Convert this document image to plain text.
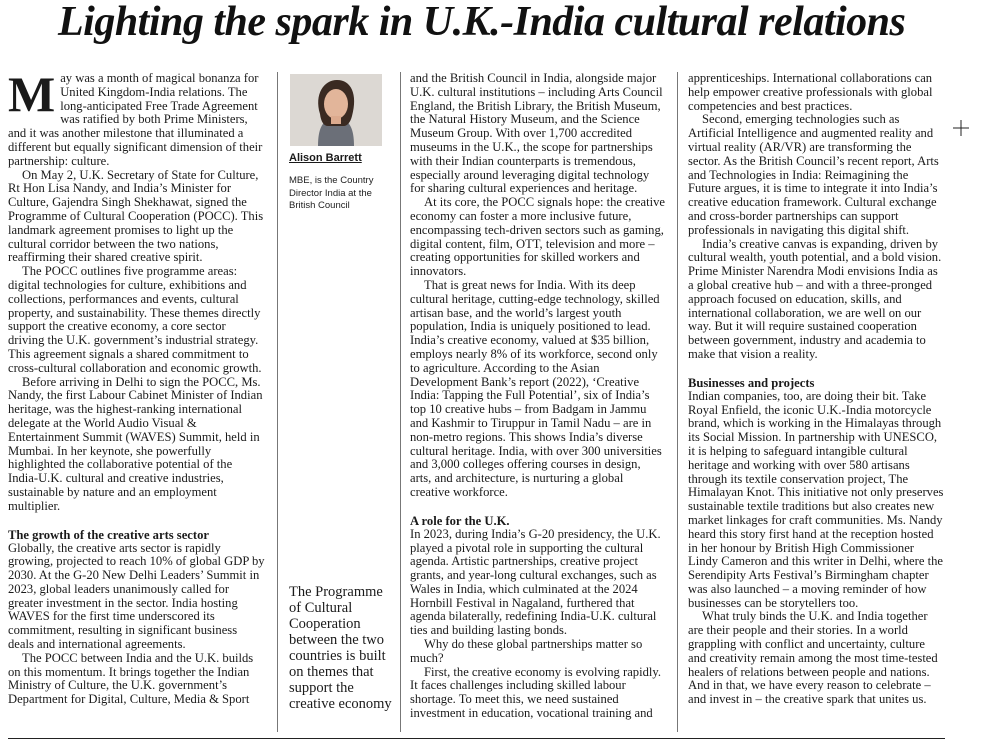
Lighting the spark in U.K.-India cultural relations

May was a month of magical bonanza for United Kingdom-India relations. The long-anticipated Free Trade Agreement was ratified by both Prime Ministers, and it was another milestone that illuminated a different but equally significant dimension of their partnership: culture.

On May 2, U.K. Secretary of State for Culture, Rt Hon Lisa Nandy, and India’s Minister for Culture, Gajendra Singh Shekhawat, signed the Programme of Cultural Cooperation (POCC). This landmark agreement promises to light up the cultural corridor between the two nations, reaffirming their shared creative spirit.

The POCC outlines five programme areas: digital technologies for culture, exhibitions and collections, performances and events, cultural property, and sustainability. These themes directly support the creative economy, a core sector driving the U.K. government’s industrial strategy. This agreement signals a shared commitment to cross-cultural collaboration and economic growth.

Before arriving in Delhi to sign the POCC, Ms. Nandy, the first Labour Cabinet Minister of Indian heritage, was the highest-ranking international delegate at the World Audio Visual & Entertainment Summit (WAVES) Summit, held in Mumbai. In her keynote, she powerfully highlighted the collaborative potential of the India-U.K. cultural and creative industries, sustainable by nature and an employment multiplier.

The growth of the creative arts sector

Globally, the creative arts sector is rapidly growing, projected to reach 10% of global GDP by 2030. At the G-20 New Delhi Leaders’ Summit in 2023, global leaders unanimously called for greater investment in the sector. India hosting WAVES for the first time underscored its commitment, resulting in significant business deals and international agreements.

The POCC between India and the U.K. builds on this momentum. It brings together the Indian Ministry of Culture, the U.K. government’s Department for Digital, Culture, Media & Sport

Alison Barrett
MBE, is the Country Director India at the British Council
The Programme of Cultural Cooperation between the two countries is built on themes that support the creative economy

and the British Council in India, alongside major U.K. cultural institutions – including Arts Council England, the British Library, the British Museum, the Natural History Museum, and the Science Museum Group. With over 1,700 accredited museums in the U.K., the scope for partnerships with their Indian counterparts is tremendous, especially around leveraging digital technology for sharing cultural experiences and heritage.

At its core, the POCC signals hope: the creative economy can foster a more inclusive future, encompassing tech-driven sectors such as gaming, digital content, film, OTT, television and more – creating opportunities for skilled workers and innovators.

That is great news for India. With its deep cultural heritage, cutting-edge technology, skilled artisan base, and the world’s largest youth population, India is uniquely positioned to lead. India’s creative economy, valued at $35 billion, employs nearly 8% of its workforce, second only to agriculture. According to the Asian Development Bank’s report (2022), ‘Creative India: Tapping the Full Potential’, six of India’s top 10 creative hubs – from Badgam in Jammu and Kashmir to Tiruppur in Tamil Nadu – are in non-metro regions. This shows India’s diverse cultural heritage. India, with over 300 universities and 3,000 colleges offering courses in design, arts, and architecture, is nurturing a global creative workforce.

A role for the U.K.

In 2023, during India’s G-20 presidency, the U.K. played a pivotal role in supporting the cultural agenda. Artistic partnerships, creative project grants, and year-long cultural exchanges, such as Wales in India, which culminated at the 2024 Hornbill Festival in Nagaland, furthered that agenda bilaterally, redefining India-U.K. cultural ties and building lasting bonds.

Why do these global partnerships matter so much?

First, the creative economy is evolving rapidly. It faces challenges including skilled labour shortage. To meet this, we need sustained investment in education, vocational training and

apprenticeships. International collaborations can help empower creative professionals with global competencies and best practices.

Second, emerging technologies such as Artificial Intelligence and augmented reality and virtual reality (AR/VR) are transforming the sector. As the British Council’s recent report, Arts and Technologies in India: Reimagining the Future argues, it is time to integrate it into India’s creative education framework. Cultural exchange and cross-border partnerships can support professionals in navigating this digital shift.

India’s creative canvas is expanding, driven by cultural wealth, youth potential, and a bold vision. Prime Minister Narendra Modi envisions India as a global creative hub – and with a three-pronged approach focused on education, skills, and international collaboration, we are well on our way. But it will require sustained cooperation between government, industry and academia to make that vision a reality.

Businesses and projects

Indian companies, too, are doing their bit. Take Royal Enfield, the iconic U.K.-India motorcycle brand, which is working in the Himalayas through its Social Mission. In partnership with UNESCO, it is helping to safeguard intangible cultural heritage and working with over 580 artisans through its textile conservation project, The Himalayan Knot. This initiative not only preserves sustainable textile traditions but also creates new market linkages for craft communities. Ms. Nandy heard this story first hand at the reception hosted in her honour by British High Commissioner Lindy Cameron and this writer in Delhi, where the Serendipity Arts Festival’s Birmingham chapter was also launched – a moving reminder of how businesses can be storytellers too.

What truly binds the U.K. and India together are their people and their stories. In a world grappling with conflict and uncertainty, culture and creativity remain among the most time-tested healers of relations between people and nations. And in that, we have every reason to celebrate – and invest in – the creative spark that unites us.
